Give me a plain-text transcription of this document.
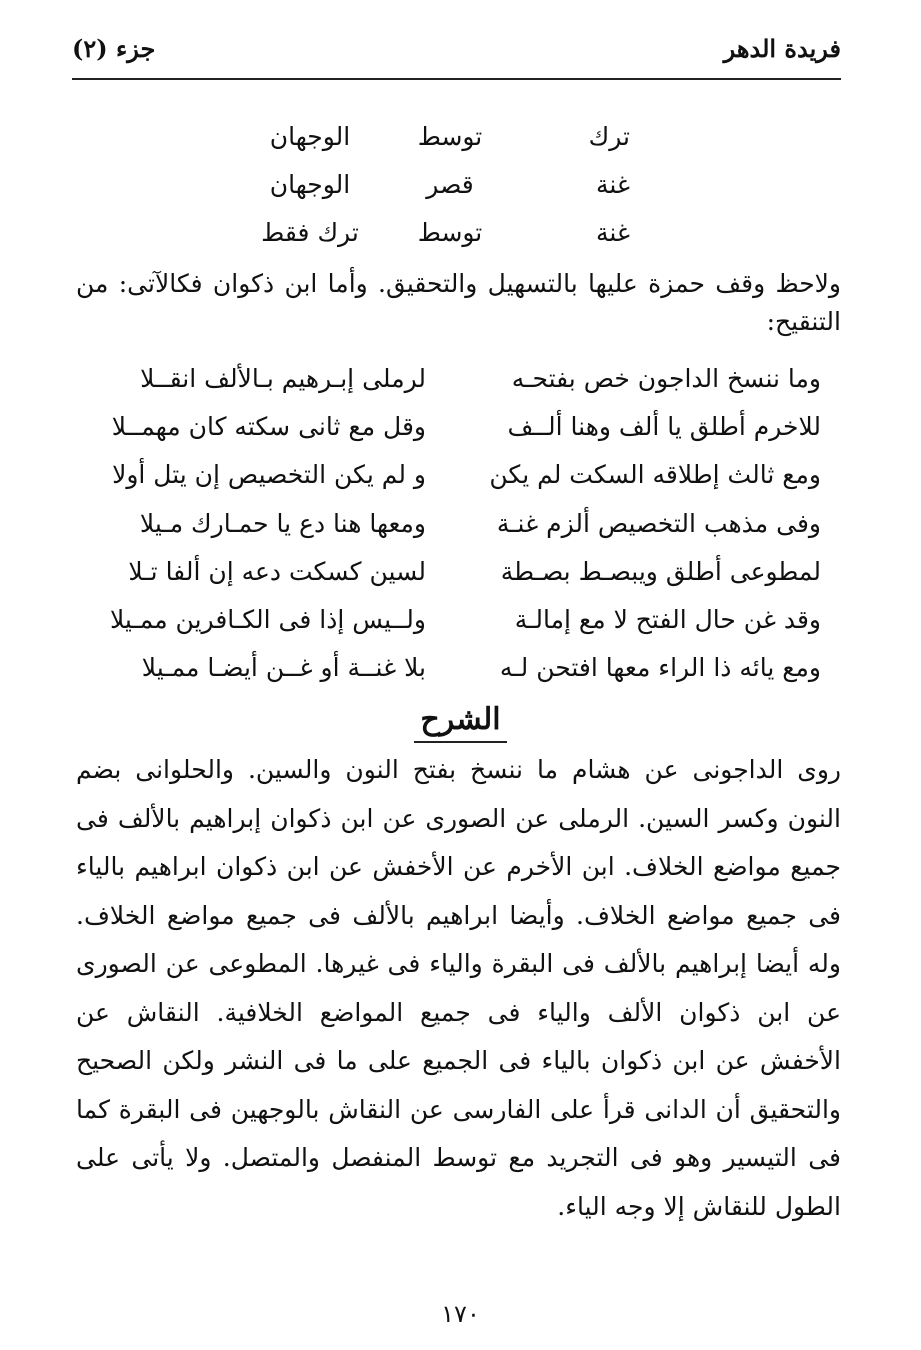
فريدة الدهر
جزء (٢)
ترك
توسط
الوجهان
غنة
قصر
الوجهان
غنة
توسط
ترك فقط
ولاحظ وقف حمزة عليها بالتسهيل والتحقيق. وأما ابن ذكوان فكالآتى: من التنقيح:
وما ننسخ الداجون خص بفتحـه
لرملى إبـرهيم بـالألف انقــلا
للاخرم أطلق يا ألف وهنا ألــف
وقل مع ثانى سكته كان مهمــلا
ومع ثالث إطلاقه السكت لم يكن
و لم يكن التخصيص إن يتل أولا
وفى مذهب التخصيص ألزم غنـة
ومعها هنا دع يا حمـارك مـيلا
لمطوعى أطلق ويبصـط بصـطة
لسين كسكت دعه إن ألفا تـلا
وقد غن حال الفتح لا مع إمالـة
ولــيس إذا فى الكـافرين ممـيلا
ومع يائه ذا الراء معها افتحن لـه
بلا غنــة أو غــن أيضـا ممـيلا
الشرح
روى الداجونى عن هشام ما ننسخ بفتح النون والسين. والحلوانى بضم النون وكسر السين. الرملى عن الصورى عن ابن ذكوان إبراهيم بالألف فى جميع مواضع الخلاف. ابن الأخرم عن الأخفش عن ابن ذكوان ابراهيم بالياء فى جميع مواضع الخلاف. وأيضا ابراهيم بالألف فى جميع مواضع الخلاف. وله أيضا إبراهيم بالألف فى البقرة والياء فى غيرها. المطوعى عن الصورى عن ابن ذكوان الألف والياء فى جميع المواضع الخلافية. النقاش عن الأخفش عن ابن ذكوان بالياء فى الجميع على ما فى النشر ولكن الصحيح والتحقيق أن الدانى قرأ على الفارسى عن النقاش بالوجهين فى البقرة كما فى التيسير وهو فى التجريد مع توسط المنفصل والمتصل. ولا يأتى على الطول للنقاش إلا وجه الياء.
١٧٠
